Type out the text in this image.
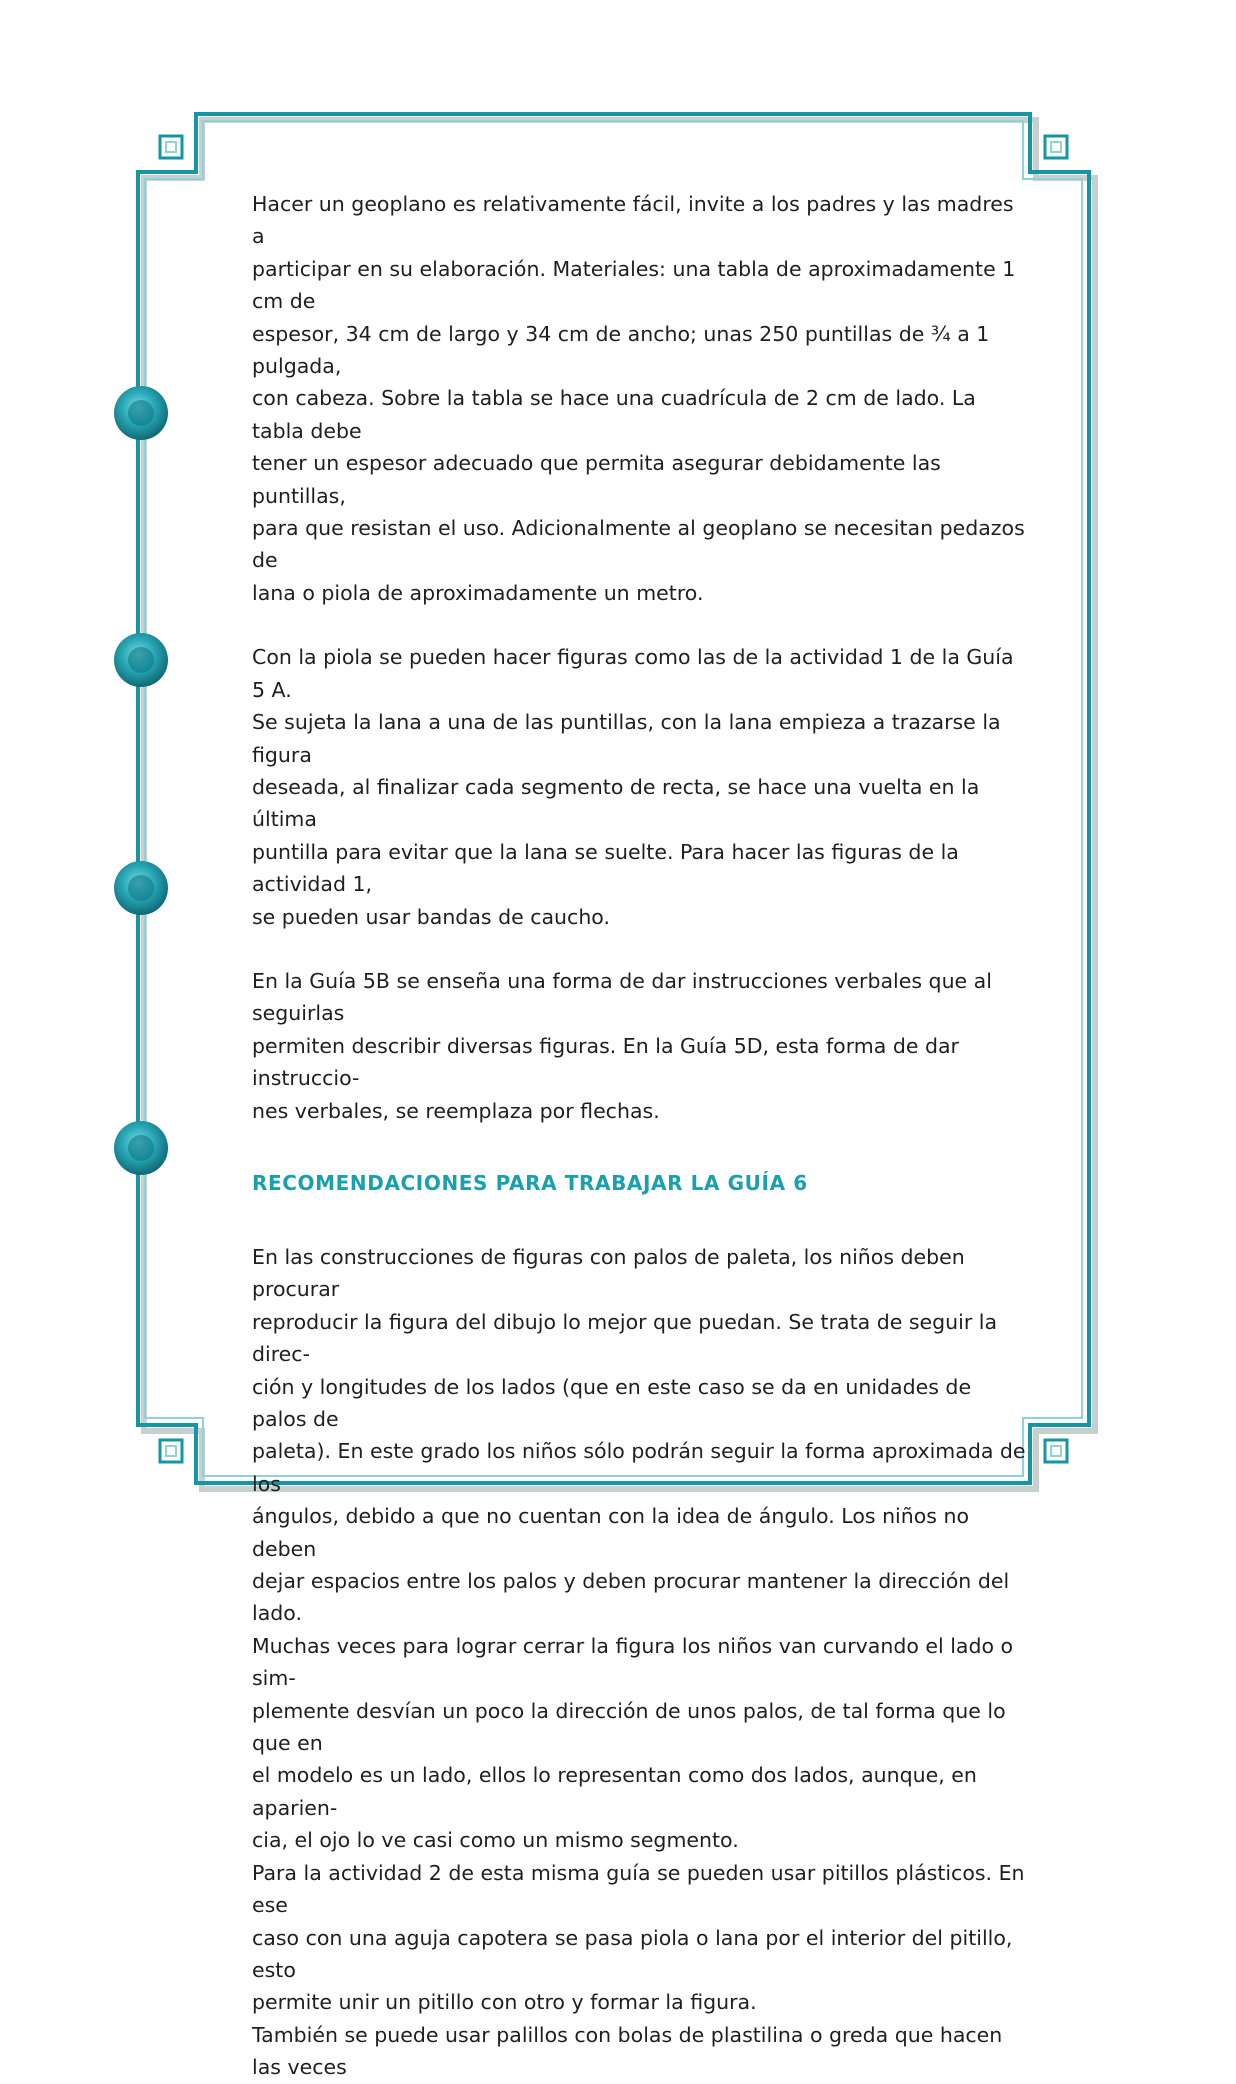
Hacer un geoplano es relativamente fácil, invite a los padres y las madres a
participar en su elaboración. Materiales: una tabla de aproximadamente 1 cm de
espesor, 34 cm de largo y 34 cm de ancho; unas 250 puntillas de ¾ a 1 pulgada,
con cabeza. Sobre la tabla se hace una cuadrícula de 2 cm de lado. La tabla debe
tener un espesor adecuado que permita asegurar debidamente las puntillas,
para que resistan el uso. Adicionalmente al geoplano se necesitan pedazos de
lana o piola de aproximadamente un metro.

Con la piola se pueden hacer figuras como las de la actividad 1 de la Guía 5 A.
Se sujeta la lana a una de las puntillas, con la lana empieza a trazarse la figura
deseada, al finalizar cada segmento de recta, se hace una vuelta en la última
puntilla para evitar que la lana se suelte. Para hacer las figuras de la actividad 1,
se pueden usar bandas de caucho.

En la Guía 5B se enseña una forma de dar instrucciones verbales que al seguirlas
permiten describir diversas figuras. En la Guía 5D, esta forma de dar instruccio-
nes verbales, se reemplaza por flechas.

RECOMENDACIONES PARA TRABAJAR LA GUÍA 6

En las construcciones de figuras con palos de paleta, los niños deben procurar
reproducir la figura del dibujo lo mejor que puedan. Se trata de seguir la direc-
ción y longitudes de los lados (que en este caso se da en unidades de palos de
paleta). En este grado los niños sólo podrán seguir la forma aproximada de los
ángulos, debido a que no cuentan con la idea de ángulo. Los niños no deben
dejar espacios entre los palos y deben procurar mantener la dirección del lado.
Muchas veces para lograr cerrar la figura los niños van curvando el lado o sim-
plemente desvían un poco la dirección de unos palos, de tal forma que lo que en
el modelo es un lado, ellos lo representan como dos lados, aunque, en aparien-
cia, el ojo lo ve casi como un mismo segmento.

Para la actividad 2 de esta misma guía se pueden usar pitillos plásticos. En ese
caso con una aguja capotera se pasa piola o lana por el interior del pitillo, esto
permite unir un pitillo con otro y formar la figura.

También se puede usar palillos con bolas de plastilina o greda que hacen las veces
